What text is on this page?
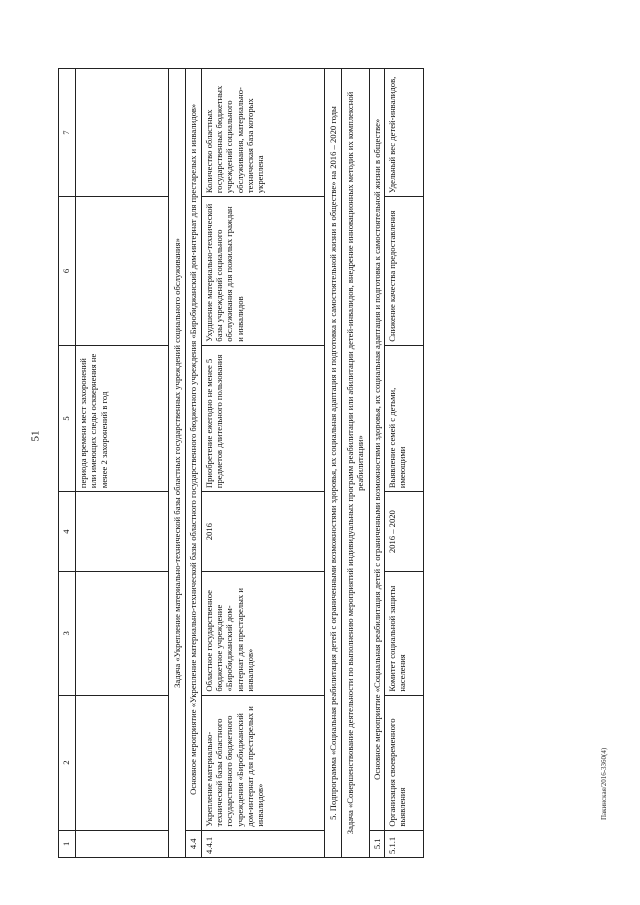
51
Пакинская/2016-3360(4)
1	2	3	4	5	6	7
				периода времени мест захоронений или имеющих следы осквернения не менее 2 захоронений в год		
Задача «Укрепление материально-технической базы областных государственных учреждений социального обслуживания»						
4.4	Основное мероприятие «Укрепление материально-технической базы областного государственного бюджетного учреждения «Биробиджанский дом-интернат для престарелых и инвалидов»					
4.4.1	Укрепление материально-технической базы областного государственного бюджетного учреждения «Биробиджанский дом-интернат для престарелых и инвалидов»	Областное государственное бюджетное учреждение «Биробиджанский дом-интернат для престарелых и инвалидов»	2016	Приобретение ежегодно не менее 5 предметов длительного пользования	Ухудшение материально-технической базы учреждений социального обслуживания для пожилых граждан и инвалидов	Количество областных государственных бюджетных учреждений социального обслуживания, материально-техническая база которых укреплена
5. Подпрограмма «Социальная реабилитация детей с ограниченными возможностями здоровья, их социальная адаптация и подготовка к самостоятельной жизни в обществе» на 2016 – 2020 годы						
Задача «Совершенствование деятельности по выполнению мероприятий индивидуальных программ реабилитации или абилитации детей-инвалидов, внедрение инновационных методик их комплексной реабилитации»						
5.1	Основное мероприятие «Социальная реабилитация детей с ограниченными возможностями здоровья, их социальная адаптация и подготовка к самостоятельной жизни в обществе»					
5.1.1	Организация своевременного выявления	Комитет социальной защиты населения	2016 – 2020	Выявление семей с детьми, имеющими	Снижение качества предоставления	Удельный вес детей-инвалидов,
